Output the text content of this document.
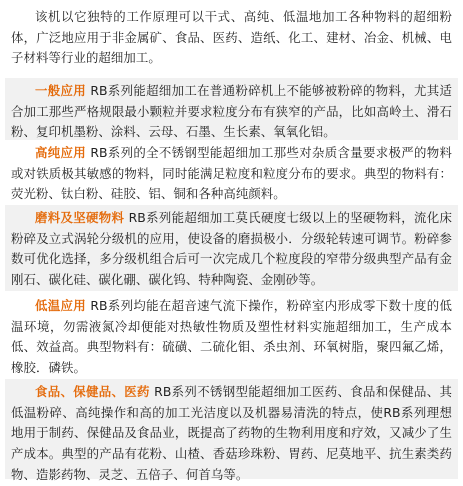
该机以它独特的工作原理可以干式、高纯、低温地加工各种物料的超细粉体，广泛地应用于非金属矿、食品、医药、造纸、化工、建材、冶金、机械、电子材料等行业的超细加工。

一般应用 RB系列能超细加工在普通粉碎机上不能够被粉碎的物料，尤其适合加工那些严格规限最小颗粒并要求粒度分布有狭窄的产品，比如高岭土、滑石粉、复印机墨粉、涂料、云母、石墨、生长素、氧氧化铝。

高纯应用 RB系列的全不锈钢型能超细加工那些对杂质含量要求极严的物料或对铁质极其敏感的物料，同时能满足粒度和粒度分布的要求。典型的物料有：荧光粉、钛白粉、硅胶、铝、铜和各种高纯颜料。

磨料及坚硬物料 RB系列能超细加工莫氏硬度七级以上的坚硬物料，流化床粉碎及立式涡轮分级机的应用，使设备的磨损极小．分级轮转速可调节。粉碎参数可优化选择，多分级机组合后可一次完成几个粒度段的窄带分级典型产品有金刚石、碳化硅、碳化硼、碳化钨、特种陶瓷、金刚砂等。

低温应用 RB系列均能在超音速气流下操作，粉碎室内形成零下数十度的低温环境，勿需液氮冷却便能对热敏性物质及塑性材料实施超细加工，生产成本低、效益高。典型物料有：硫磺、二硫化钼、杀虫剂、环氧树脂，聚四氟乙烯，橡胶．磷铁。

食品、保健品、医药 RB系列不锈钢型能超细加工医药、食品和保健品、其低温粉碎、高纯操作和高的加工光洁度以及机器易清洗的特点，使RB系列理想地用于制药、保健品及食品业，既提高了药物的生物利用度和疗效，又减少了生产成本。典型的产品有花粉、山楂、香菇珍珠粉、胃药、尼莫地平、抗生素类药物、造影药物、灵芝、五倍子、何首乌等。
